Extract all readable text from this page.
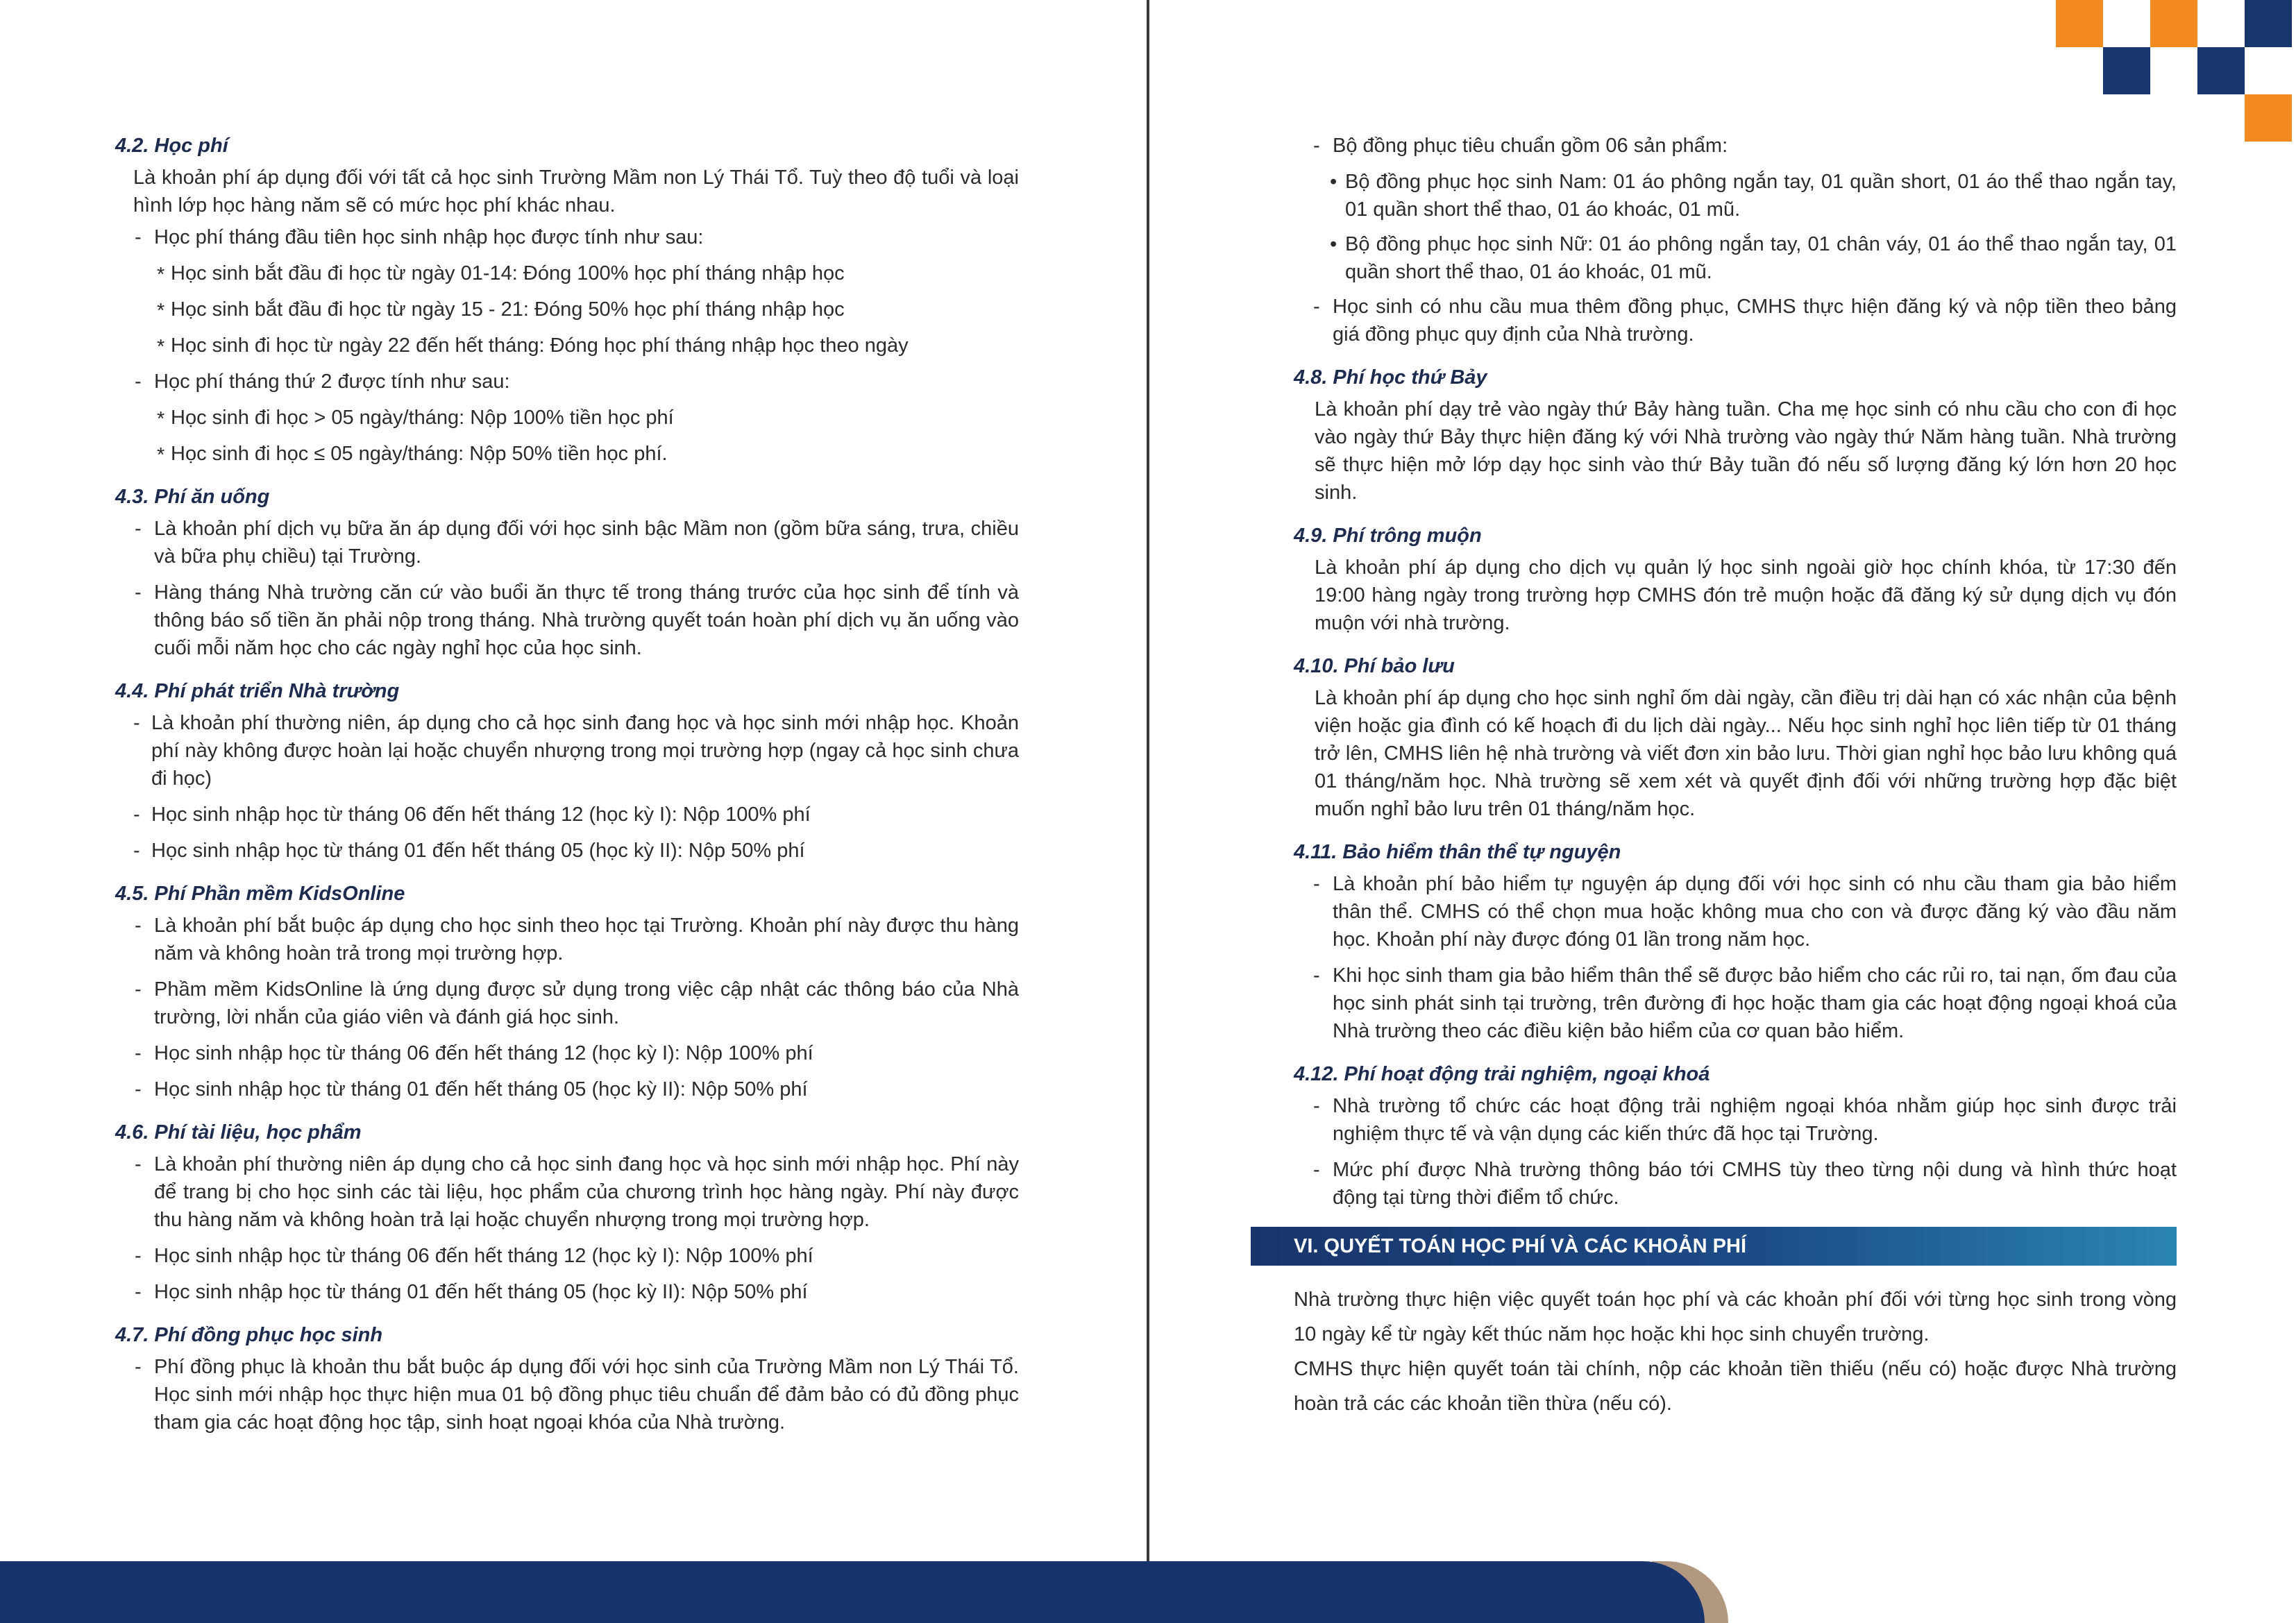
4.2. Học phí

Là khoản phí áp dụng đối với tất cả học sinh Trường Mầm non Lý Thái Tổ. Tuỳ theo độ tuổi và loại hình lớp học hàng năm sẽ có mức học phí khác nhau.

- Học phí tháng đầu tiên học sinh nhập học được tính như sau:

* Học sinh bắt đầu đi học từ ngày 01-14: Đóng 100% học phí tháng nhập học

* Học sinh bắt đầu đi học từ ngày 15 - 21: Đóng 50% học phí tháng nhập học

* Học sinh đi học từ ngày 22 đến hết tháng: Đóng học phí tháng nhập học theo ngày

- Học phí tháng thứ 2 được tính như sau:

* Học sinh đi học > 05 ngày/tháng: Nộp 100% tiền học phí

* Học sinh đi học ≤ 05 ngày/tháng: Nộp 50% tiền học phí.

4.3. Phí ăn uống

- Là khoản phí dịch vụ bữa ăn áp dụng đối với học sinh bậc Mầm non (gồm bữa sáng, trưa, chiều và bữa phụ chiều) tại Trường.

- Hàng tháng Nhà trường căn cứ vào buổi ăn thực tế trong tháng trước của học sinh để tính và thông báo số tiền ăn phải nộp trong tháng. Nhà trường quyết toán hoàn phí dịch vụ ăn uống vào cuối mỗi năm học cho các ngày nghỉ học của học sinh.

4.4. Phí phát triển Nhà trường

- Là khoản phí thường niên, áp dụng cho cả học sinh đang học và học sinh mới nhập học. Khoản phí này không được hoàn lại hoặc chuyển nhượng trong mọi trường hợp (ngay cả học sinh chưa đi học)

- Học sinh nhập học từ tháng 06 đến hết tháng 12 (học kỳ I): Nộp 100% phí

- Học sinh nhập học từ tháng 01 đến hết tháng 05 (học kỳ II): Nộp 50% phí

4.5. Phí Phần mềm KidsOnline

- Là khoản phí bắt buộc áp dụng cho học sinh theo học tại Trường. Khoản phí này được thu hàng năm và không hoàn trả trong mọi trường hợp.

- Phầm mềm KidsOnline là ứng dụng được sử dụng trong việc cập nhật các thông báo của Nhà trường, lời nhắn của giáo viên và đánh giá học sinh.

- Học sinh nhập học từ tháng 06 đến hết tháng 12 (học kỳ I): Nộp 100% phí

- Học sinh nhập học từ tháng 01 đến hết tháng 05 (học kỳ II): Nộp 50% phí

4.6. Phí tài liệu, học phẩm

- Là khoản phí thường niên áp dụng cho cả học sinh đang học và học sinh mới nhập học. Phí này để trang bị cho học sinh các tài liệu, học phẩm của chương trình học hàng ngày. Phí này được thu hàng năm và không hoàn trả lại hoặc chuyển nhượng trong mọi trường hợp.

- Học sinh nhập học từ tháng 06 đến hết tháng 12 (học kỳ I): Nộp 100% phí

- Học sinh nhập học từ tháng 01 đến hết tháng 05 (học kỳ II): Nộp 50% phí

4.7. Phí đồng phục học sinh

- Phí đồng phục là khoản thu bắt buộc áp dụng đối với học sinh của Trường Mầm non Lý Thái Tổ. Học sinh mới nhập học thực hiện mua 01 bộ đồng phục tiêu chuẩn để đảm bảo có đủ đồng phục tham gia các hoạt động học tập, sinh hoạt ngoại khóa của Nhà trường.

- Bộ đồng phục tiêu chuẩn gồm 06 sản phẩm:

• Bộ đồng phục học sinh Nam: 01 áo phông ngắn tay, 01 quần short, 01 áo thể thao ngắn tay, 01 quần short thể thao, 01 áo khoác, 01 mũ.

• Bộ đồng phục học sinh Nữ: 01 áo phông ngắn tay, 01 chân váy, 01 áo thể thao ngắn tay, 01 quần short thể thao, 01 áo khoác, 01 mũ.

- Học sinh có nhu cầu mua thêm đồng phục, CMHS thực hiện đăng ký và nộp tiền theo bảng giá đồng phục quy định của Nhà trường.

4.8. Phí học thứ Bảy

Là khoản phí dạy trẻ vào ngày thứ Bảy hàng tuần. Cha mẹ học sinh có nhu cầu cho con đi học vào ngày thứ Bảy thực hiện đăng ký với Nhà trường vào ngày thứ Năm hàng tuần. Nhà trường sẽ thực hiện mở lớp dạy học sinh vào thứ Bảy tuần đó nếu số lượng đăng ký lớn hơn 20 học sinh.

4.9. Phí trông muộn

Là khoản phí áp dụng cho dịch vụ quản lý học sinh ngoài giờ học chính khóa, từ 17:30 đến 19:00 hàng ngày trong trường hợp CMHS đón trẻ muộn hoặc đã đăng ký sử dụng dịch vụ đón muộn với nhà trường.

4.10. Phí bảo lưu

Là khoản phí áp dụng cho học sinh nghỉ ốm dài ngày, cần điều trị dài hạn có xác nhận của bệnh viện hoặc gia đình có kế hoạch đi du lịch dài ngày... Nếu học sinh nghỉ học liên tiếp từ 01 tháng trở lên, CMHS liên hệ nhà trường và viết đơn xin bảo lưu. Thời gian nghỉ học bảo lưu không quá 01 tháng/năm học. Nhà trường sẽ xem xét và quyết định đối với những trường hợp đặc biệt muốn nghỉ bảo lưu trên 01 tháng/năm học.

4.11. Bảo hiểm thân thể tự nguyện

- Là khoản phí bảo hiểm tự nguyện áp dụng đối với học sinh có nhu cầu tham gia bảo hiểm thân thể. CMHS có thể chọn mua hoặc không mua cho con và được đăng ký vào đầu năm học. Khoản phí này được đóng 01 lần trong năm học.

- Khi học sinh tham gia bảo hiểm thân thể sẽ được bảo hiểm cho các rủi ro, tai nạn, ốm đau của học sinh phát sinh tại trường, trên đường đi học hoặc tham gia các hoạt động ngoại khoá của Nhà trường theo các điều kiện bảo hiểm của cơ quan bảo hiểm.

4.12. Phí hoạt động trải nghiệm, ngoại khoá

- Nhà trường tổ chức các hoạt động trải nghiệm ngoại khóa nhằm giúp học sinh được trải nghiệm thực tế và vận dụng các kiến thức đã học tại Trường.

- Mức phí được Nhà trường thông báo tới CMHS tùy theo từng nội dung và hình thức hoạt động tại từng thời điểm tổ chức.

VI. QUYẾT TOÁN HỌC PHÍ VÀ CÁC KHOẢN PHÍ

Nhà trường thực hiện việc quyết toán học phí và các khoản phí đối với từng học sinh trong vòng 10 ngày kể từ ngày kết thúc năm học hoặc khi học sinh chuyển trường.

CMHS thực hiện quyết toán tài chính, nộp các khoản tiền thiếu (nếu có) hoặc được Nhà trường hoàn trả các các khoản tiền thừa (nếu có).
